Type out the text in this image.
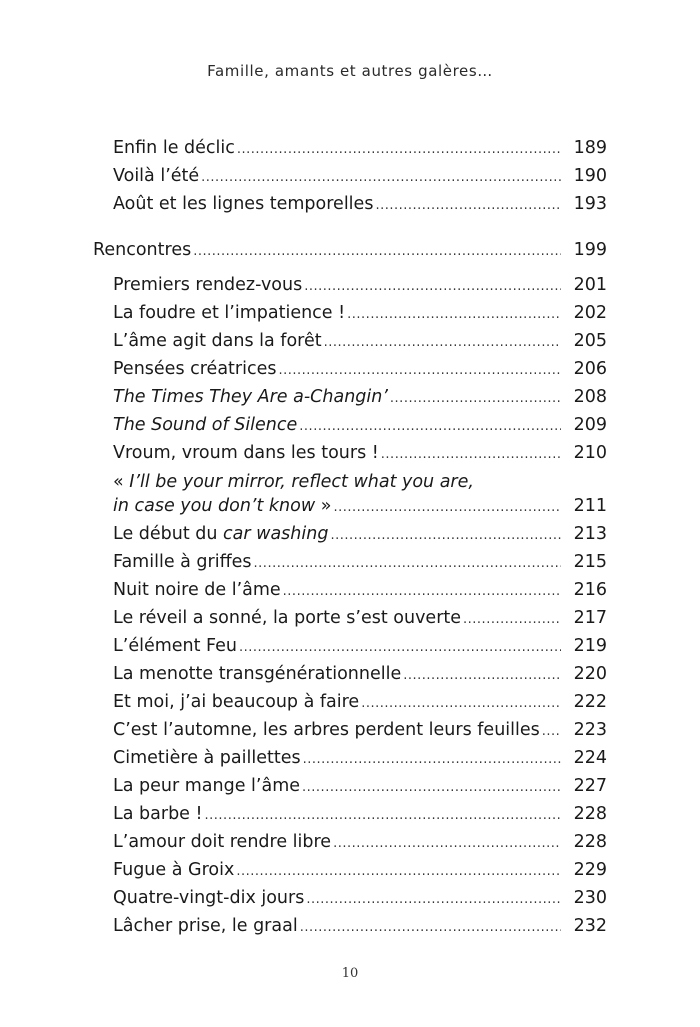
Famille, amants et autres galères…
Enfin le déclic .....	189
Voilà l’été .....	190
Août et les lignes temporelles .....	193
Rencontres .....	199
Premiers rendez-vous .....	201
La foudre et l’impatience ! .....	202
L’âme agit dans la forêt .....	205
Pensées créatrices .....	206
The Times They Are a-Changin’ .....	208
The Sound of Silence .....	209
Vroum, vroum dans les tours ! .....	210
« I’ll be your mirror, reflect what you are,
in case you don’t know » .....	211
Le début du car washing .....	213
Famille à griffes .....	215
Nuit noire de l’âme .....	216
Le réveil a sonné, la porte s’est ouverte .....	217
L’élément Feu .....	219
La menotte transgénérationnelle .....	220
Et moi, j’ai beaucoup à faire .....	222
C’est l’automne, les arbres perdent leurs feuilles .....	223
Cimetière à paillettes .....	224
La peur mange l’âme .....	227
La barbe ! .....	228
L’amour doit rendre libre .....	228
Fugue à Groix .....	229
Quatre-vingt-dix jours .....	230
Lâcher prise, le graal .....	232
10
